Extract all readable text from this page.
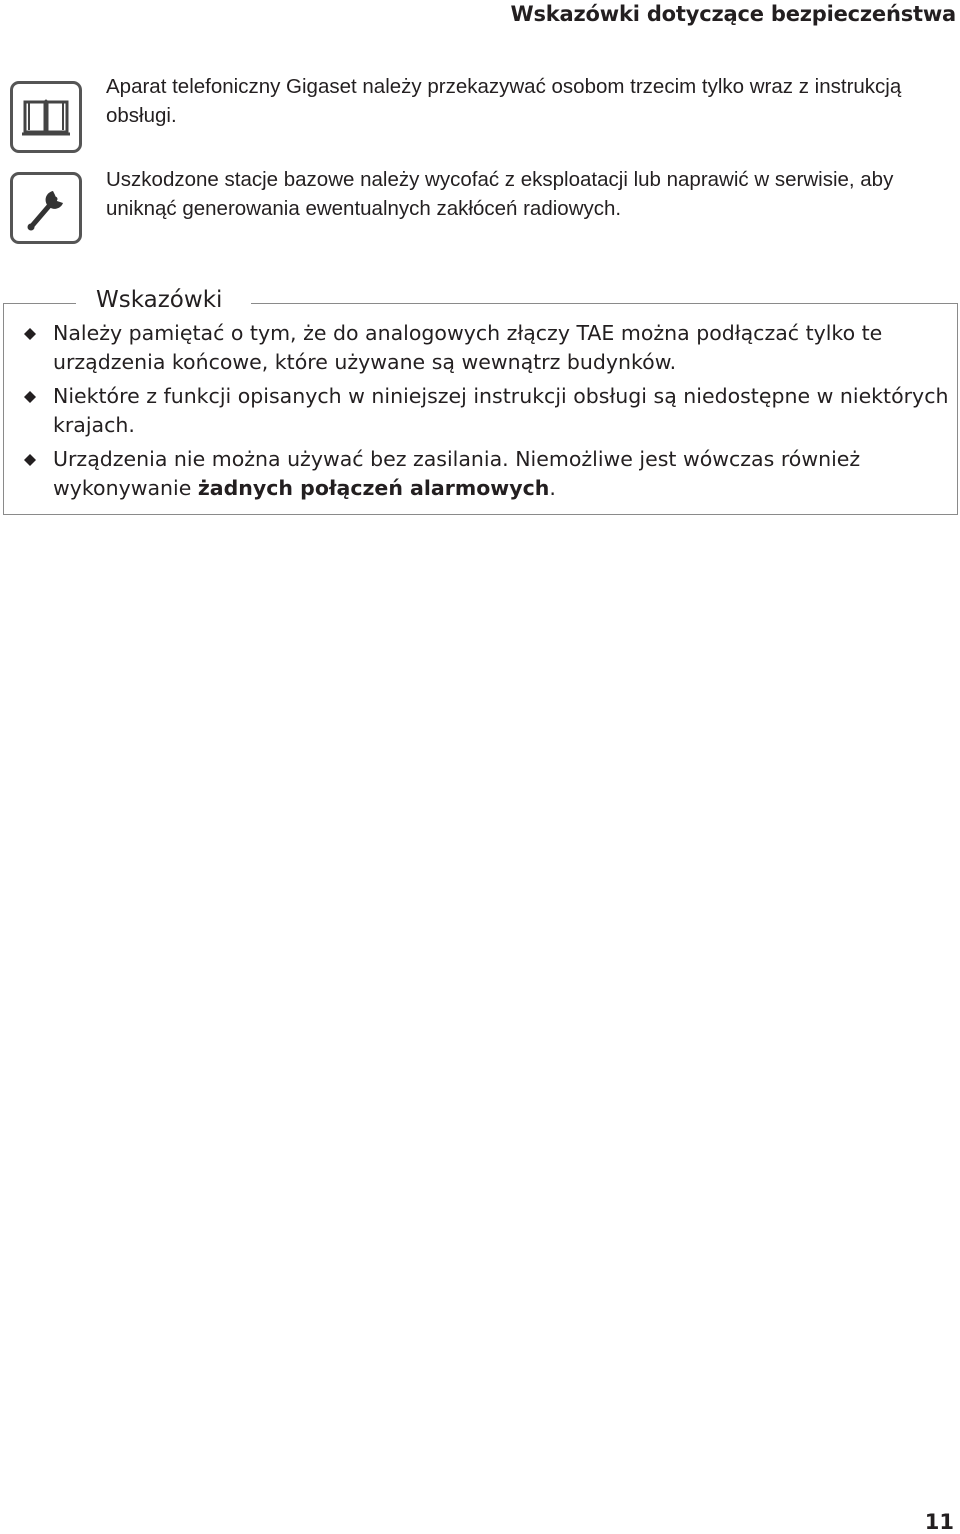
Wskazówki dotyczące bezpieczeństwa
Aparat telefoniczny Gigaset należy przekazywać osobom trzecim tylko wraz z instrukcją obsługi.
Uszkodzone stacje bazowe należy wycofać z eksploatacji lub naprawić w serwisie, aby uniknąć generowania ewentualnych zakłóceń radiowych.
Wskazówki
Należy pamiętać o tym, że do analogowych złączy TAE można podłączać tylko te urządzenia końcowe, które używane są wewnątrz budynków.
Niektóre z funkcji opisanych w niniejszej instrukcji obsługi są niedostępne w niektórych krajach.
Urządzenia nie można używać bez zasilania. Niemożliwe jest wówczas również wykonywanie żadnych połączeń alarmowych.
11
